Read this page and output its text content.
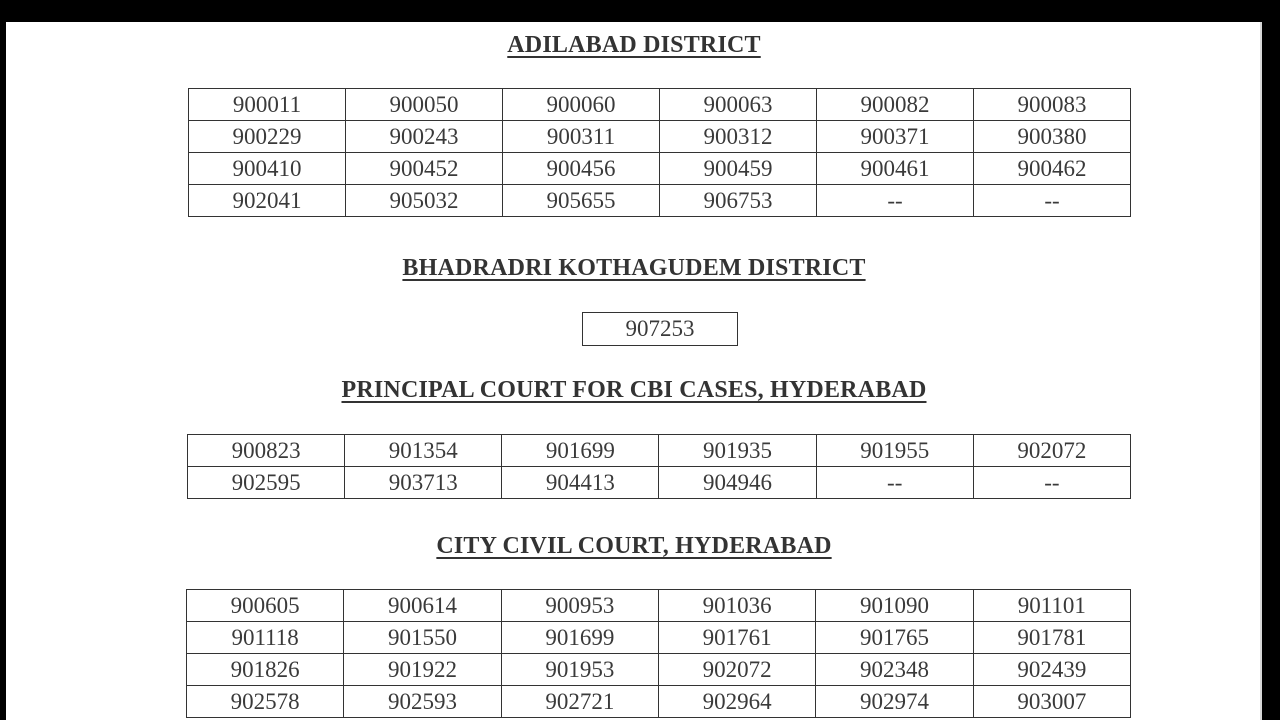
ADILABAD DISTRICT
900011	900050	900060	900063	900082	900083
900229	900243	900311	900312	900371	900380
900410	900452	900456	900459	900461	900462
902041	905032	905655	906753	--	--
BHADRADRI KOTHAGUDEM DISTRICT
907253
PRINCIPAL COURT FOR CBI CASES, HYDERABAD
900823	901354	901699	901935	901955	902072
902595	903713	904413	904946	--	--
CITY CIVIL COURT, HYDERABAD
900605	900614	900953	901036	901090	901101
901118	901550	901699	901761	901765	901781
901826	901922	901953	902072	902348	902439
902578	902593	902721	902964	902974	903007
